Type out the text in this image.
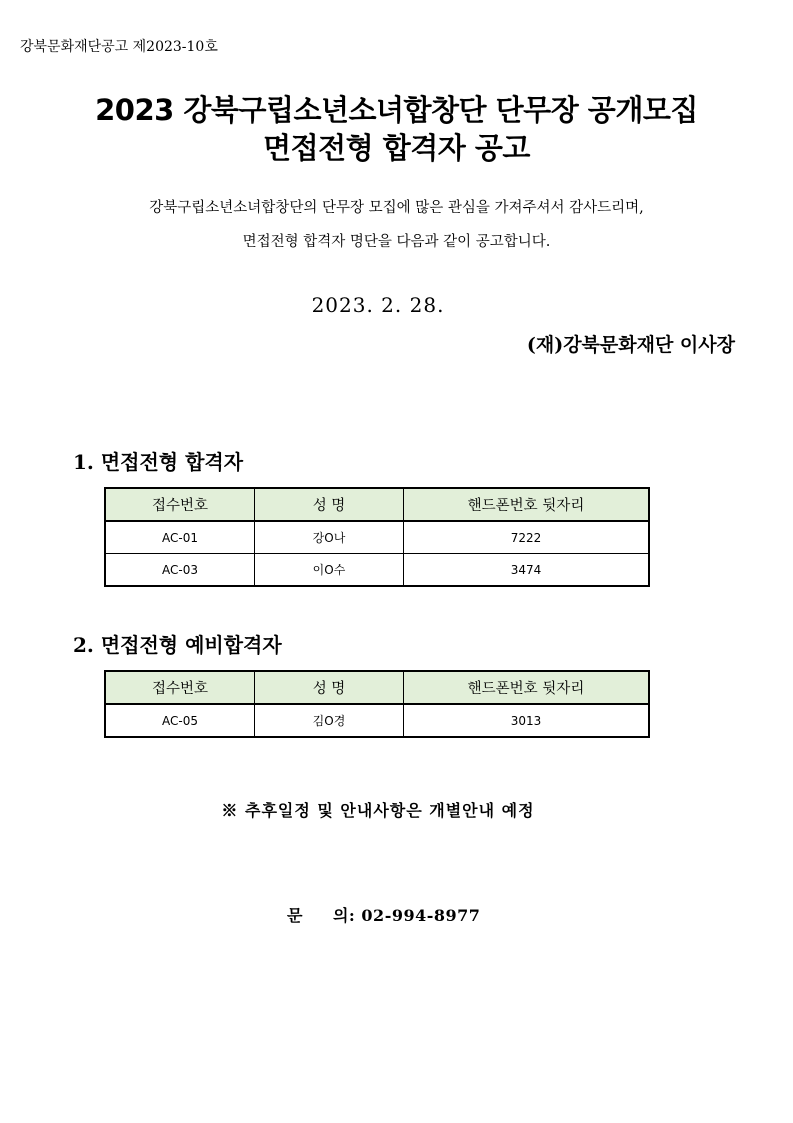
강북문화재단공고 제2023-10호
2023 강북구립소년소녀합창단 단무장 공개모집
면접전형 합격자 공고
강북구립소년소녀합창단의 단무장 모집에 많은 관심을 가져주셔서 감사드리며,
면접전형 합격자 명단을 다음과 같이 공고합니다.
2023. 2. 28.
(재)강북문화재단 이사장
1. 면접전형 합격자
접수번호	성 명	핸드폰번호 뒷자리
AC-01	강O나	7222
AC-03	이O수	3474
2. 면접전형 예비합격자
접수번호	성 명	핸드폰번호 뒷자리
AC-05	김O경	3013
※ 추후일정 및 안내사항은 개별안내 예정
문 의: 02-994-8977
